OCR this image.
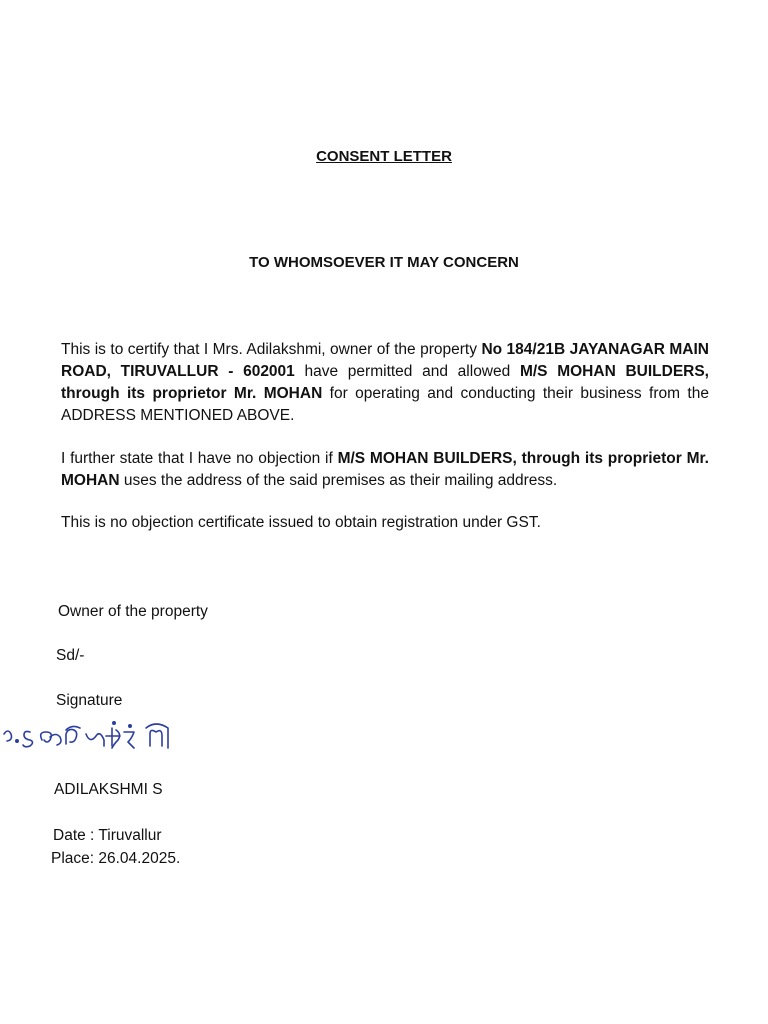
CONSENT LETTER
TO WHOMSOEVER IT MAY CONCERN
This is to certify that I Mrs. Adilakshmi, owner of the property No 184/21B JAYANAGAR MAIN ROAD, TIRUVALLUR - 602001 have permitted and allowed M/S MOHAN BUILDERS, through its proprietor Mr. MOHAN for operating and conducting their business from the ADDRESS MENTIONED ABOVE.
I further state that I have no objection if M/S MOHAN BUILDERS, through its proprietor Mr. MOHAN uses the address of the said premises as their mailing address.
This is no objection certificate issued to obtain registration under GST.
Owner of the property
Sd/-
Signature
ADILAKSHMI S
Date : Tiruvallur
Place: 26.04.2025.
